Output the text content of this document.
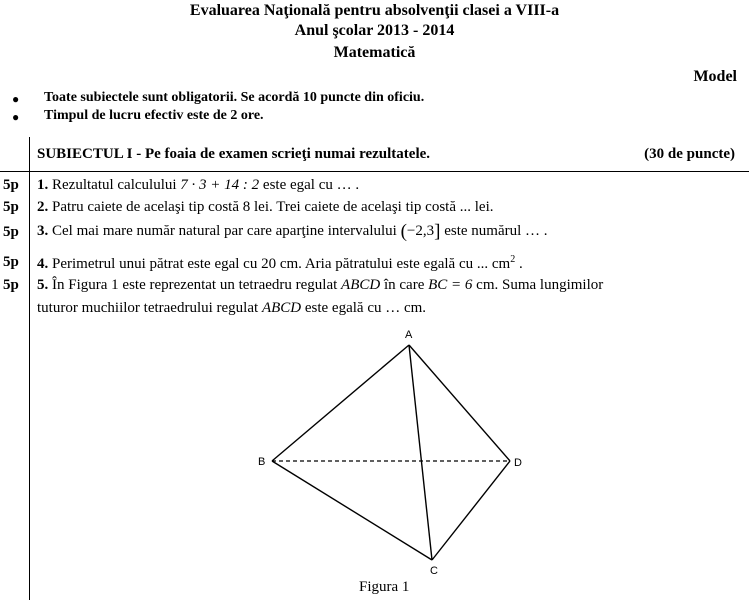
Evaluarea Naţională pentru absolvenţii clasei a VIII-a
Anul şcolar 2013 - 2014
Matematică
Model
● Toate subiectele sunt obligatorii. Se acordă 10 puncte din oficiu.
● Timpul de lucru efectiv este de 2 ore.
SUBIECTUL I - Pe foaia de examen scrieţi numai rezultatele.	(30 de puncte)
5p 1. Rezultatul calculului 7 · 3 + 14 : 2 este egal cu … .
5p 2. Patru caiete de acelaşi tip costă 8 lei. Trei caiete de acelaşi tip costă ... lei.
5p 3. Cel mai mare număr natural par care aparţine intervalului (−2,3] este numărul … .
5p 4. Perimetrul unui pătrat este egal cu 20 cm. Aria pătratului este egală cu ... $cm^2$ .
5p 5. În Figura 1 este reprezentat un tetraedru regulat ABCD în care BC = 6 cm. Suma lungimilor
tuturor muchiilor tetraedrului regulat ABCD este egală cu … cm.
A
B	D
C
Figura 1
